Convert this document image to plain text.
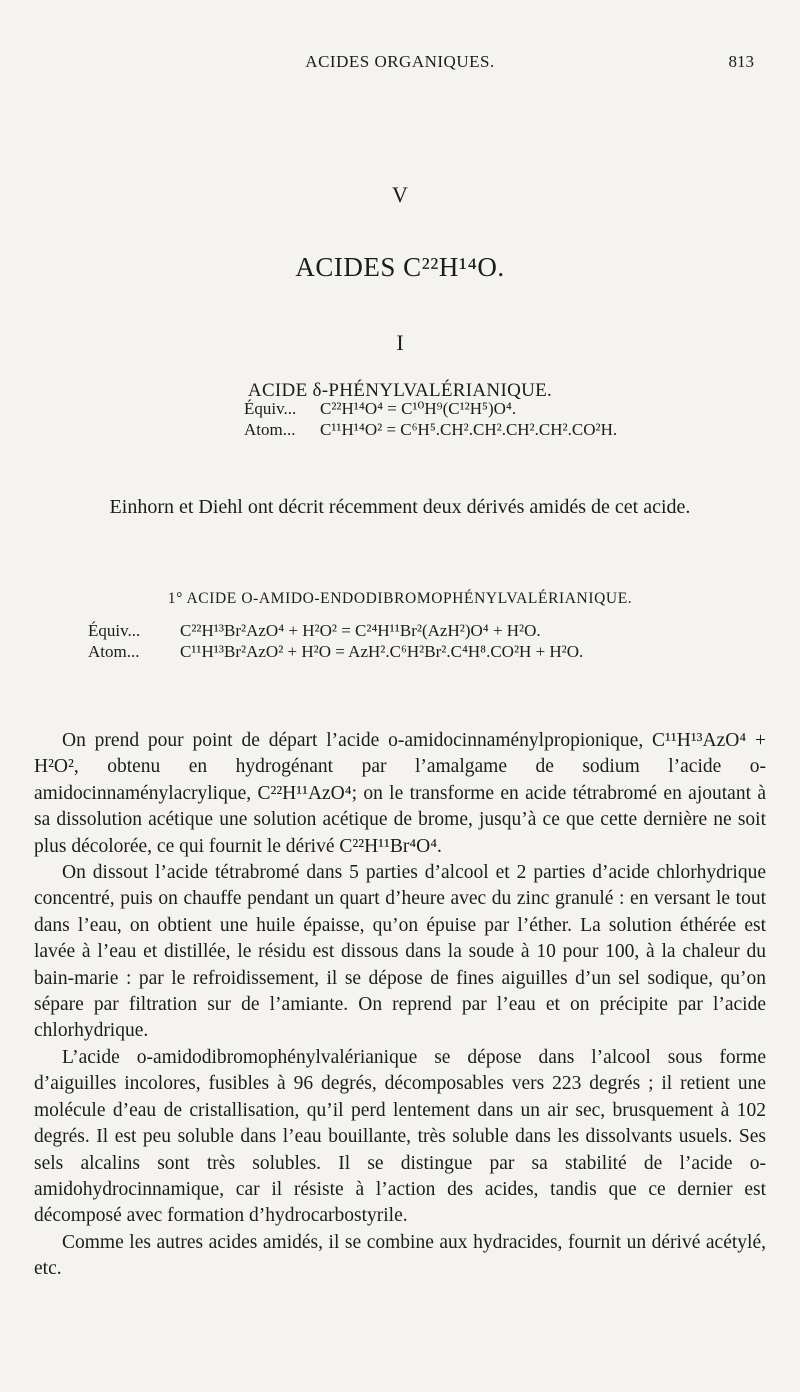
ACIDES ORGANIQUES.	813
V
ACIDES C²²H¹⁴O.
I
ACIDE δ-PHÉNYLVALÉRIANIQUE.
Équiv... C²²H¹⁴O⁴ = C¹⁰H⁹(C¹²H⁵)O⁴.
Atom... C¹¹H¹⁴O² = C⁶H⁵.CH².CH².CH².CH².CO²H.
Einhorn et Diehl ont décrit récemment deux dérivés amidés de cet acide.
1° ACIDE O-AMIDO-ENDODIBROMOPHÉNYLVALÉRIANIQUE.
Équiv... C²²H¹³Br²AzO⁴ + H²O² = C²⁴H¹¹Br²(AzH²)O⁴ + H²O.
Atom... C¹¹H¹³Br²AzO² + H²O = AzH².C⁶H²Br².C⁴H⁸.CO²H + H²O.

On prend pour point de départ l’acide o-amidocinnaménylpropionique, C¹¹H¹³AzO⁴ + H²O², obtenu en hydrogénant par l’amalgame de sodium l’acide o-amidocinnaménylacrylique, C²²H¹¹AzO⁴; on le transforme en acide tétrabromé en ajoutant à sa dissolution acétique une solution acétique de brome, jusqu’à ce que cette dernière ne soit plus décolorée, ce qui fournit le dérivé C²²H¹¹Br⁴O⁴.

On dissout l’acide tétrabromé dans 5 parties d’alcool et 2 parties d’acide chlorhydrique concentré, puis on chauffe pendant un quart d’heure avec du zinc granulé : en versant le tout dans l’eau, on obtient une huile épaisse, qu’on épuise par l’éther. La solution éthérée est lavée à l’eau et distillée, le résidu est dissous dans la soude à 10 pour 100, à la chaleur du bain-marie : par le refroidissement, il se dépose de fines aiguilles d’un sel sodique, qu’on sépare par filtration sur de l’amiante. On reprend par l’eau et on précipite par l’acide chlorhydrique.

L’acide o-amidodibromophénylvalérianique se dépose dans l’alcool sous forme d’aiguilles incolores, fusibles à 96 degrés, décomposables vers 223 degrés ; il retient une molécule d’eau de cristallisation, qu’il perd lentement dans un air sec, brusquement à 102 degrés. Il est peu soluble dans l’eau bouillante, très soluble dans les dissolvants usuels. Ses sels alcalins sont très solubles. Il se distingue par sa stabilité de l’acide o-amidohydrocinnamique, car il résiste à l’action des acides, tandis que ce dernier est décomposé avec formation d’hydrocarbostyrile.

Comme les autres acides amidés, il se combine aux hydracides, fournit un dérivé acétylé, etc.
